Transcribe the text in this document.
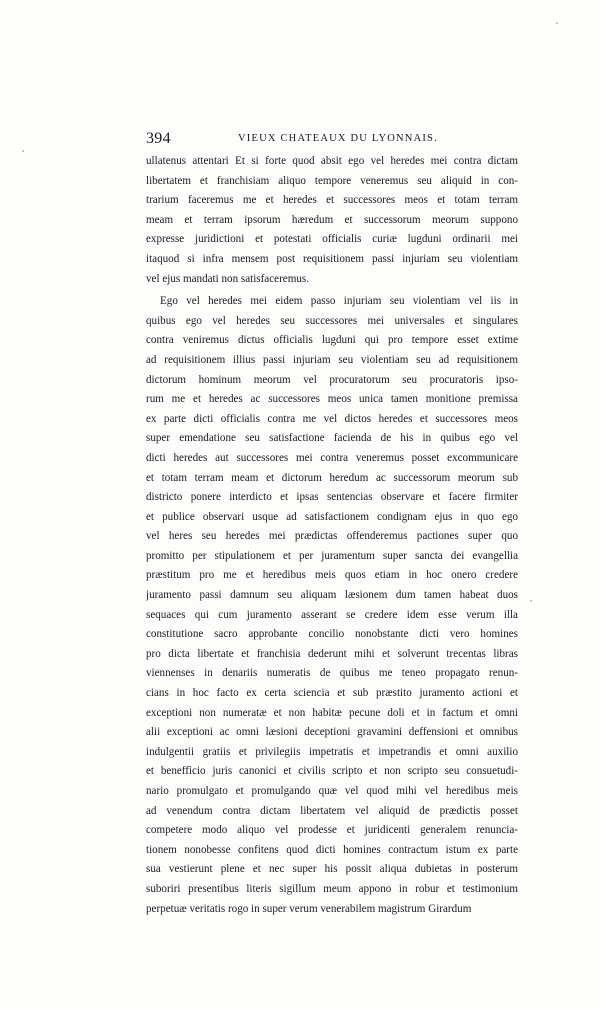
394	VIEUX CHATEAUX DU LYONNAIS.
ullatenus attentari Et si forte quod absit ego vel heredes mei contra dictam
libertatem et franchisiam aliquo tempore veneremus seu aliquid in con-
trarium faceremus me et heredes et successores meos et totam terram
meam et terram ipsorum hæredum et successorum meorum suppono
expresse juridictioni et potestati officialis curiæ lugduni ordinarii mei
itaquod si infra mensem post requisitionem passi injuriam seu violentiam
vel ejus mandati non satisfaceremus.
Ego vel heredes mei eidem passo injuriam seu violentiam vel iis in
quibus ego vel heredes seu successores mei universales et singulares
contra veniremus dictus officialis lugduni qui pro tempore esset extime
ad requisitionem illius passi injuriam seu violentiam seu ad requisitionem
dictorum hominum meorum vel procuratorum seu procuratoris ipso-
rum me et heredes ac successores meos unica tamen monitione premissa
ex parte dicti officialis contra me vel dictos heredes et successores meos
super emendatione seu satisfactione facienda de his in quibus ego vel
dicti heredes aut successores mei contra veneremus posset excommunicare
et totam terram meam et dictorum heredum ac successorum meorum sub
districto ponere interdicto et ipsas sentencias observare et facere firmiter
et publice observari usque ad satisfactionem condignam ejus in quo ego
vel heres seu heredes mei prædictas offenderemus pactiones super quo
promitto per stipulationem et per juramentum super sancta dei evangellia
præstitum pro me et heredibus meis quos etiam in hoc onero credere
juramento passi damnum seu aliquam læsionem dum tamen habeat duos
sequaces qui cum juramento asserant se credere idem esse verum illa
constitutione sacro approbante concilio nonobstante dicti vero homines
pro dicta libertate et franchisia dederunt mihi et solverunt trecentas libras
viennenses in denariis numeratis de quibus me teneo propagato renun-
cians in hoc facto ex certa sciencia et sub præstito juramento actioni et
exceptioni non numeratæ et non habitæ pecune doli et in factum et omni
alii exceptioni ac omni læsioni deceptioni gravamini deffensioni et omnibus
indulgentii gratiis et privilegiis impetratis et impetrandis et omni auxilio
et beneffìcio juris canonici et civilis scripto et non scripto seu consuetudi-
nario promulgato et promulgando quæ vel quod mihi vel heredibus meis
ad venendum contra dictam libertatem vel aliquid de prædictis posset
competere modo aliquo vel prodesse et juridicenti generalem renuncia-
tionem nonobesse confitens quod dicti homines contractum istum ex parte
sua vestierunt plene et nec super his possit aliqua dubietas in posterum
suboriri presentibus literis sigillum meum appono in robur et testimonium
perpetuæ veritatis rogo in super verum venerabilem magistrum Girardum
